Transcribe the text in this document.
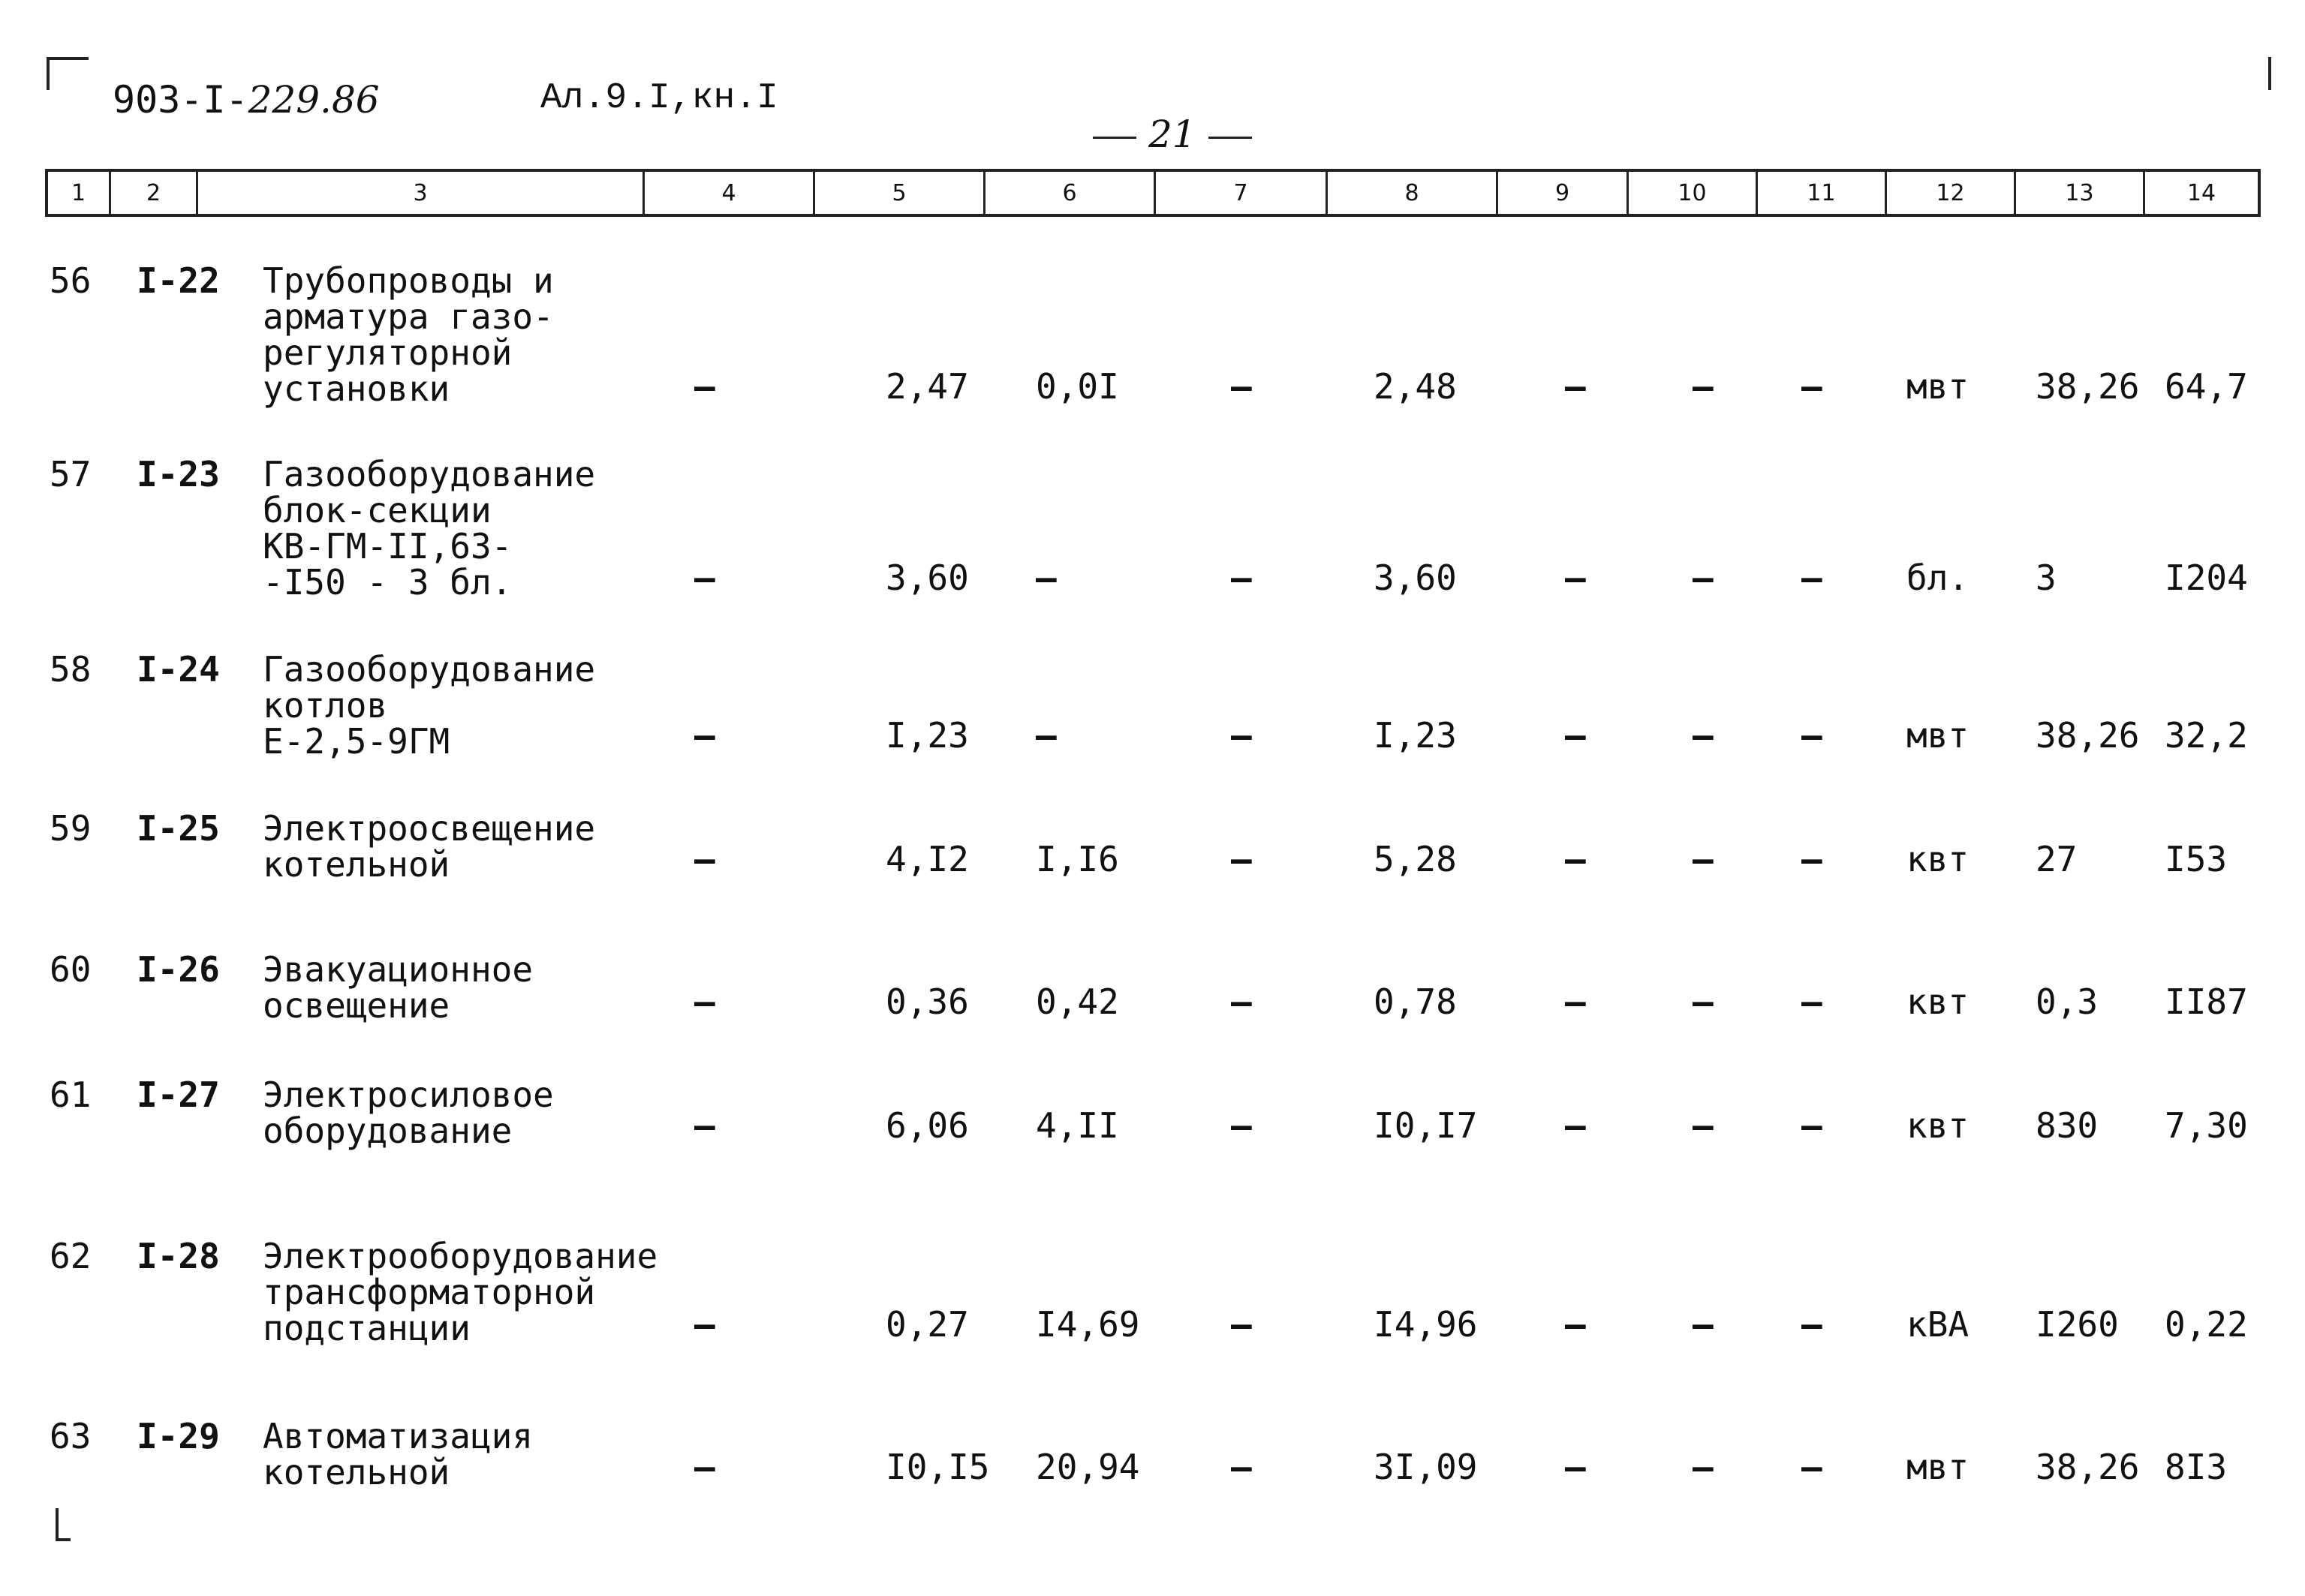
903-I-229.86	Ал.9.I,кн.I
21
1	2	3	4	5	6	7	8	9	10	11	12	13	14
56 I-22 Трубопроводы и
арматура газо-
регуляторной
установки	–	2,47 0,0I	–	2,48	–	–	– мвт 38,26 64,7
57 I-23 Газооборудование
блок-секции
КВ-ГМ-II,63-
-I50 - 3 бл.	–	3,60 –	–	3,60	–	–	– бл. 3	I204
58 I-24 Газооборудование
котлов
Е-2,5-9ГМ	–	I,23 –	–	I,23	–	–	– мвт 38,26 32,2
59 I-25 Электроосвещение
котельной	–	4,I2 I,I6	–	5,28	–	–	– квт 27	I53
60 I-26 Эвакуационное
освещение	–	0,36 0,42	–	0,78	–	–	– квт 0,3 II87
61 I-27 Электросиловое
оборудование	–	6,06 4,II	–	I0,I7	–	–	– квт 830 7,30
62 I-28 Электрооборудование
трансформаторной
подстанции	–	0,27 I4,69	–	I4,96	–	–	– кВА I260 0,22
63 I-29 Автоматизация
котельной	–	I0,I5 20,94	–	3I,09	–	–	– мвт 38,26 8I3
